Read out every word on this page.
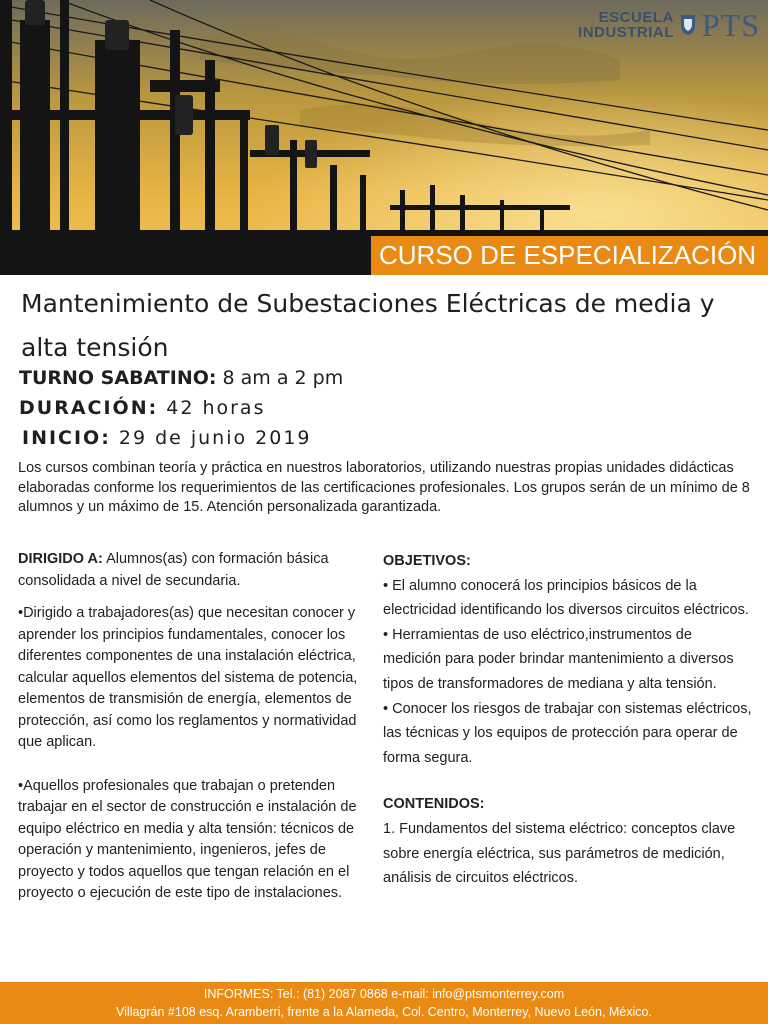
ESCUELA
INDUSTRIAL PTS
CURSO DE ESPECIALIZACIÓN
Mantenimiento de Subestaciones Eléctricas de media y alta tensión
TURNO SABATINO: 8 am a 2 pm
DURACIÓN: 42 horas
INICIO: 29 de junio 2019

Los cursos combinan teoría y práctica en nuestros laboratorios, utilizando nuestras propias unidades didácticas elaboradas conforme los requerimientos de las certificaciones profesionales. Los grupos serán de un mínimo de 8 alumnos y un máximo de 15. Atención personalizada garantizada.

DIRIGIDO A: Alumnos(as) con formación básica consolidada a nivel de secundaria.

•Dirigido a trabajadores(as) que necesitan conocer y aprender los principios fundamentales, conocer los diferentes componentes de una instalación eléctrica, calcular aquellos elementos del sistema de potencia, elementos de transmisión de energía, elementos de protección, así como los reglamentos y normatividad que aplican.

•Aquellos profesionales que trabajan o pretenden trabajar en el sector de construcción e instalación de equipo eléctrico en media y alta tensión: técnicos de operación y mantenimiento, ingenieros, jefes de proyecto y todos aquellos que tengan relación en el proyecto o ejecución de este tipo de instalaciones.

OBJETIVOS:
• El alumno conocerá los principios básicos de la electricidad identificando los diversos circuitos eléctricos.
• Herramientas de uso eléctrico,instrumentos de medición para poder brindar mantenimiento a diversos tipos de transformadores de mediana y alta tensión.
• Conocer los riesgos de trabajar con sistemas eléctricos, las técnicas y los equipos de protección para operar de forma segura.
CONTENIDOS:
1. Fundamentos del sistema eléctrico: conceptos clave sobre energía eléctrica, sus parámetros de medición, análisis de circuitos eléctricos.
INFORMES: Tel.: (81) 2087 0868 e-mail: info@ptsmonterrey.com
Villagrán #108 esq. Aramberri, frente a la Alameda, Col. Centro, Monterrey, Nuevo León, México.
